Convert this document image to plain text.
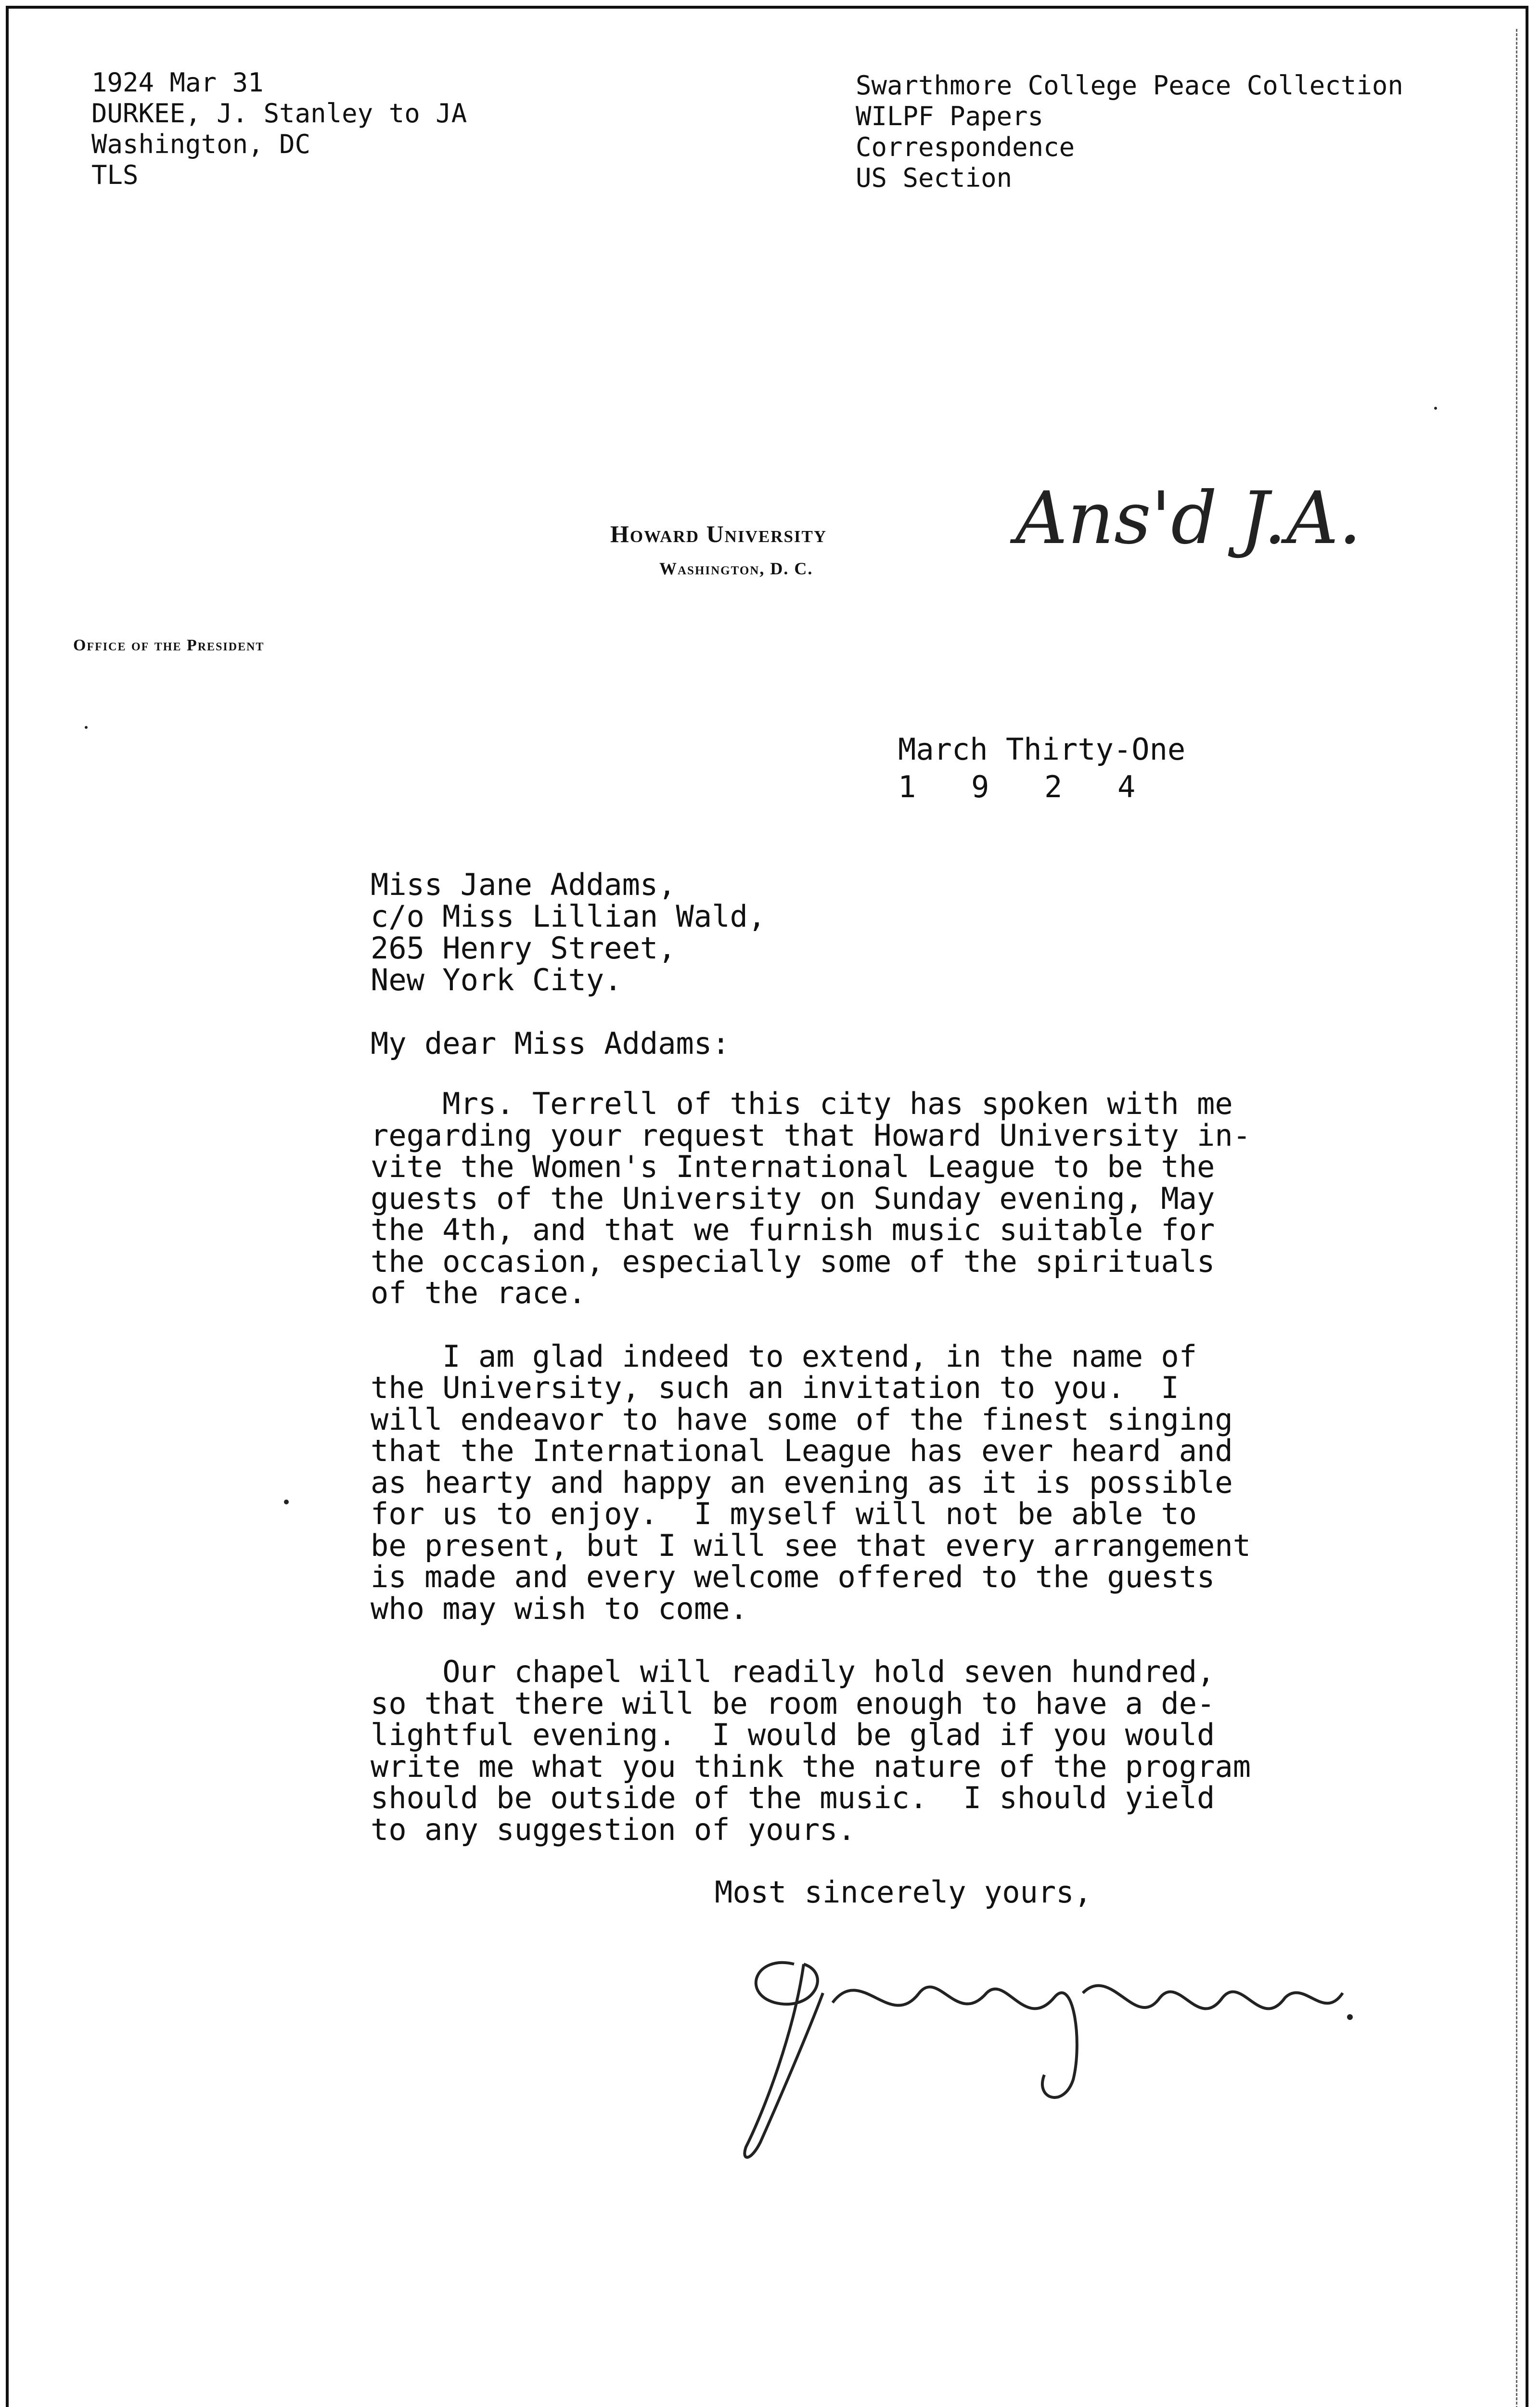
1924 Mar 31
DURKEE, J. Stanley to JA
Washington, DC
TLS
Swarthmore College Peace Collection
WILPF Papers
Correspondence
US Section
Ans'd J.A.
Howard University
Washington, D. C.
Office of the President
March Thirty-One
1  9  2  4
Miss Jane Addams,
c/o Miss Lillian Wald,
265 Henry Street,
New York City.
My dear Miss Addams:
Mrs. Terrell of this city has spoken with me
regarding your request that Howard University in-
vite the Women's International League to be the
guests of the University on Sunday evening, May
the 4th, and that we furnish music suitable for
the occasion, especially some of the spirituals
of the race.
I am glad indeed to extend, in the name of
the University, such an invitation to you.  I
will endeavor to have some of the finest singing
that the International League has ever heard and
as hearty and happy an evening as it is possible
for us to enjoy.  I myself will not be able to
be present, but I will see that every arrangement
is made and every welcome offered to the guests
who may wish to come.
Our chapel will readily hold seven hundred,
so that there will be room enough to have a de-
lightful evening.  I would be glad if you would
write me what you think the nature of the program
should be outside of the music.  I should yield
to any suggestion of yours.
Most sincerely yours,
